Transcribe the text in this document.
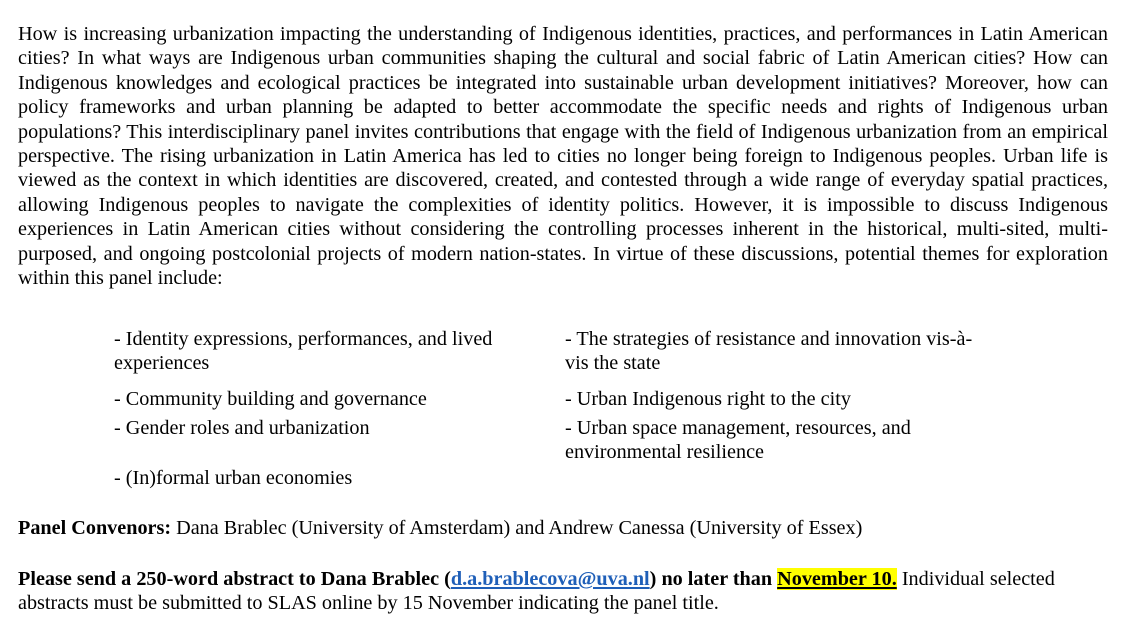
How is increasing urbanization impacting the understanding of Indigenous identities, practices, and performances in Latin American cities? In what ways are Indigenous urban communities shaping the cultural and social fabric of Latin American cities? How can Indigenous knowledges and ecological practices be integrated into sustainable urban development initiatives? Moreover, how can policy frameworks and urban planning be adapted to better accommodate the specific needs and rights of Indigenous urban populations? This interdisciplinary panel invites contributions that engage with the field of Indigenous urbanization from an empirical perspective. The rising urbanization in Latin America has led to cities no longer being foreign to Indigenous peoples. Urban life is viewed as the context in which identities are discovered, created, and contested through a wide range of everyday spatial practices, allowing Indigenous peoples to navigate the complexities of identity politics. However, it is impossible to discuss Indigenous experiences in Latin American cities without considering the controlling processes inherent in the historical, multi-sited, multi-purposed, and ongoing postcolonial projects of modern nation-states. In virtue of these discussions, potential themes for exploration within this panel include:

- Identity expressions, performances, and lived experiences

- The strategies of resistance and innovation vis-à-vis the state

- Community building and governance	- Urban Indigenous right to the city

- Gender roles and urbanization	- Urban space management, resources, and environmental resilience

- (In)formal urban economies

Panel Convenors: Dana Brablec (University of Amsterdam) and Andrew Canessa (University of Essex)

Please send a 250-word abstract to Dana Brablec (d.a.brablecova@uva.nl) no later than November 10. Individual selected abstracts must be submitted to SLAS online by 15 November indicating the panel title.
